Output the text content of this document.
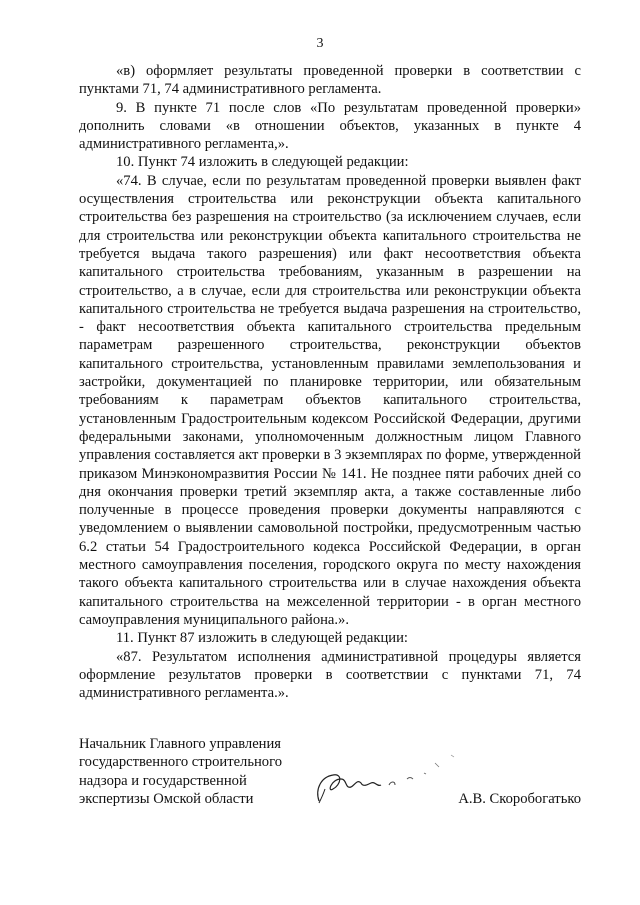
3

«в) оформляет результаты проведенной проверки в соответствии с пунктами 71, 74 административного регламента.

9. В пункте 71 после слов «По результатам проведенной проверки» дополнить словами «в отношении объектов, указанных в пункте 4 административного регламента,».

10. Пункт 74 изложить в следующей редакции:

«74. В случае, если по результатам проведенной проверки выявлен факт осуществления строительства или реконструкции объекта капитального строительства без разрешения на строительство (за исключением случаев, если для строительства или реконструкции объекта капитального строительства не требуется выдача такого разрешения) или факт несоответствия объекта капитального строительства требованиям, указанным в разрешении на строительство, а в случае, если для строительства или реконструкции объекта капитального строительства не требуется выдача разрешения на строительство, - факт несоответствия объекта капитального строительства предельным параметрам разрешенного строительства, реконструкции объектов капитального строительства, установленным правилами землепользования и застройки, документацией по планировке территории, или обязательным требованиям к параметрам объектов капитального строительства, установленным Градостроительным кодексом Российской Федерации, другими федеральными законами, уполномоченным должностным лицом Главного управления составляется акт проверки в 3 экземплярах по форме, утвержденной приказом Минэкономразвития России № 141. Не позднее пяти рабочих дней со дня окончания проверки третий экземпляр акта, а также составленные либо полученные в процессе проведения проверки документы направляются с уведомлением о выявлении самовольной постройки, предусмотренным частью 6.2 статьи 54 Градостроительного кодекса Российской Федерации, в орган местного самоуправления поселения, городского округа по месту нахождения такого объекта капитального строительства или в случае нахождения объекта капитального строительства на межселенной территории - в орган местного самоуправления муниципального района.».

11. Пункт 87 изложить в следующей редакции:

«87. Результатом исполнения административной процедуры является оформление результатов проверки в соответствии с пунктами 71, 74 административного регламента.».

Начальник Главного управления
государственного строительного
надзора и государственной
экспертизы Омской области	А.В. Скоробогатько
